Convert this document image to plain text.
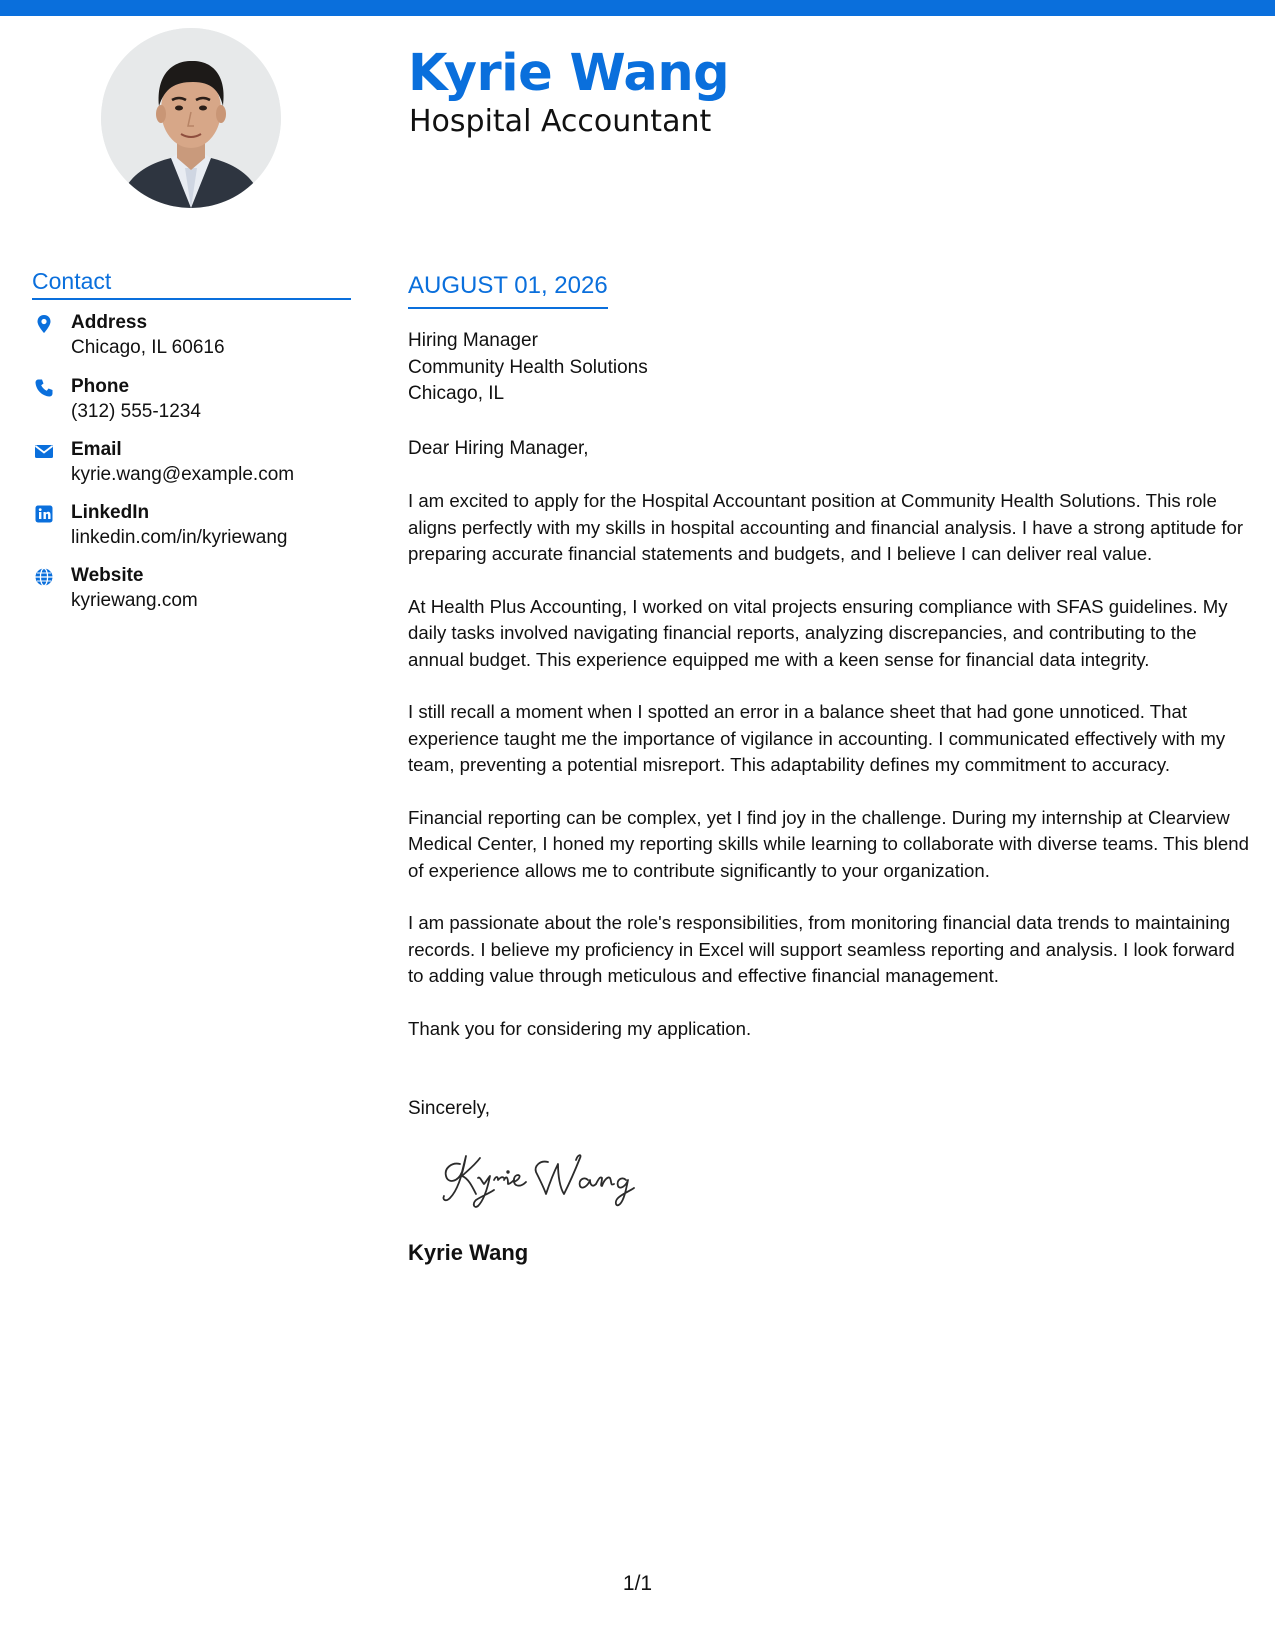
Kyrie Wang
Hospital Accountant
Contact
Address
Chicago, IL 60616
Phone
(312) 555-1234
Email
kyrie.wang@example.com
LinkedIn
linkedin.com/in/kyriewang
Website
kyriewang.com
AUGUST 01, 2026
Hiring Manager
Community Health Solutions
Chicago, IL
Dear Hiring Manager,

I am excited to apply for the Hospital Accountant position at Community Health Solutions. This role aligns perfectly with my skills in hospital accounting and financial analysis. I have a strong aptitude for preparing accurate financial statements and budgets, and I believe I can deliver real value.

At Health Plus Accounting, I worked on vital projects ensuring compliance with SFAS guidelines. My daily tasks involved navigating financial reports, analyzing discrepancies, and contributing to the annual budget. This experience equipped me with a keen sense for financial data integrity.

I still recall a moment when I spotted an error in a balance sheet that had gone unnoticed. That experience taught me the importance of vigilance in accounting. I communicated effectively with my team, preventing a potential misreport. This adaptability defines my commitment to accuracy.

Financial reporting can be complex, yet I find joy in the challenge. During my internship at Clearview Medical Center, I honed my reporting skills while learning to collaborate with diverse teams. This blend of experience allows me to contribute significantly to your organization.

I am passionate about the role's responsibilities, from monitoring financial data trends to maintaining records. I believe my proficiency in Excel will support seamless reporting and analysis. I look forward to adding value through meticulous and effective financial management.

Thank you for considering my application.

Sincerely,
Kyrie Wang
1/1
